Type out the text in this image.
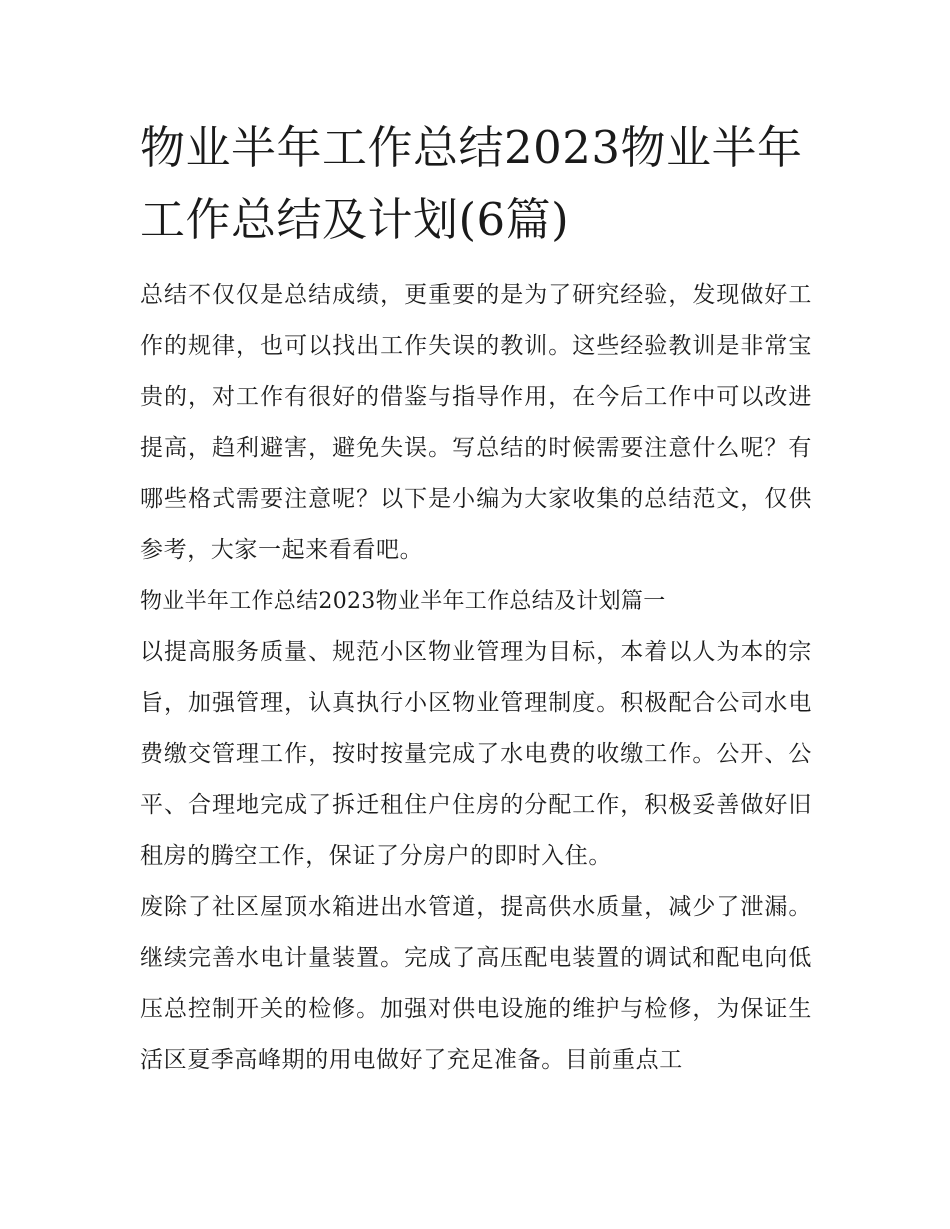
物业半年工作总结2023物业半年工作总结及计划(6篇)

总结不仅仅是总结成绩，更重要的是为了研究经验，发现做好工作的规律，也可以找出工作失误的教训。这些经验教训是非常宝贵的，对工作有很好的借鉴与指导作用，在今后工作中可以改进提高，趋利避害，避免失误。写总结的时候需要注意什么呢？有哪些格式需要注意呢？以下是小编为大家收集的总结范文，仅供参考，大家一起来看看吧。

物业半年工作总结2023物业半年工作总结及计划篇一

以提高服务质量、规范小区物业管理为目标，本着以人为本的宗旨，加强管理，认真执行小区物业管理制度。积极配合公司水电费缴交管理工作，按时按量完成了水电费的收缴工作。公开、公平、合理地完成了拆迁租住户住房的分配工作，积极妥善做好旧租房的腾空工作，保证了分房户的即时入住。

废除了社区屋顶水箱进出水管道，提高供水质量，减少了泄漏。继续完善水电计量装置。完成了高压配电装置的调试和配电向低压总控制开关的检修。加强对供电设施的维护与检修，为保证生活区夏季高峰期的用电做好了充足准备。目前重点工
